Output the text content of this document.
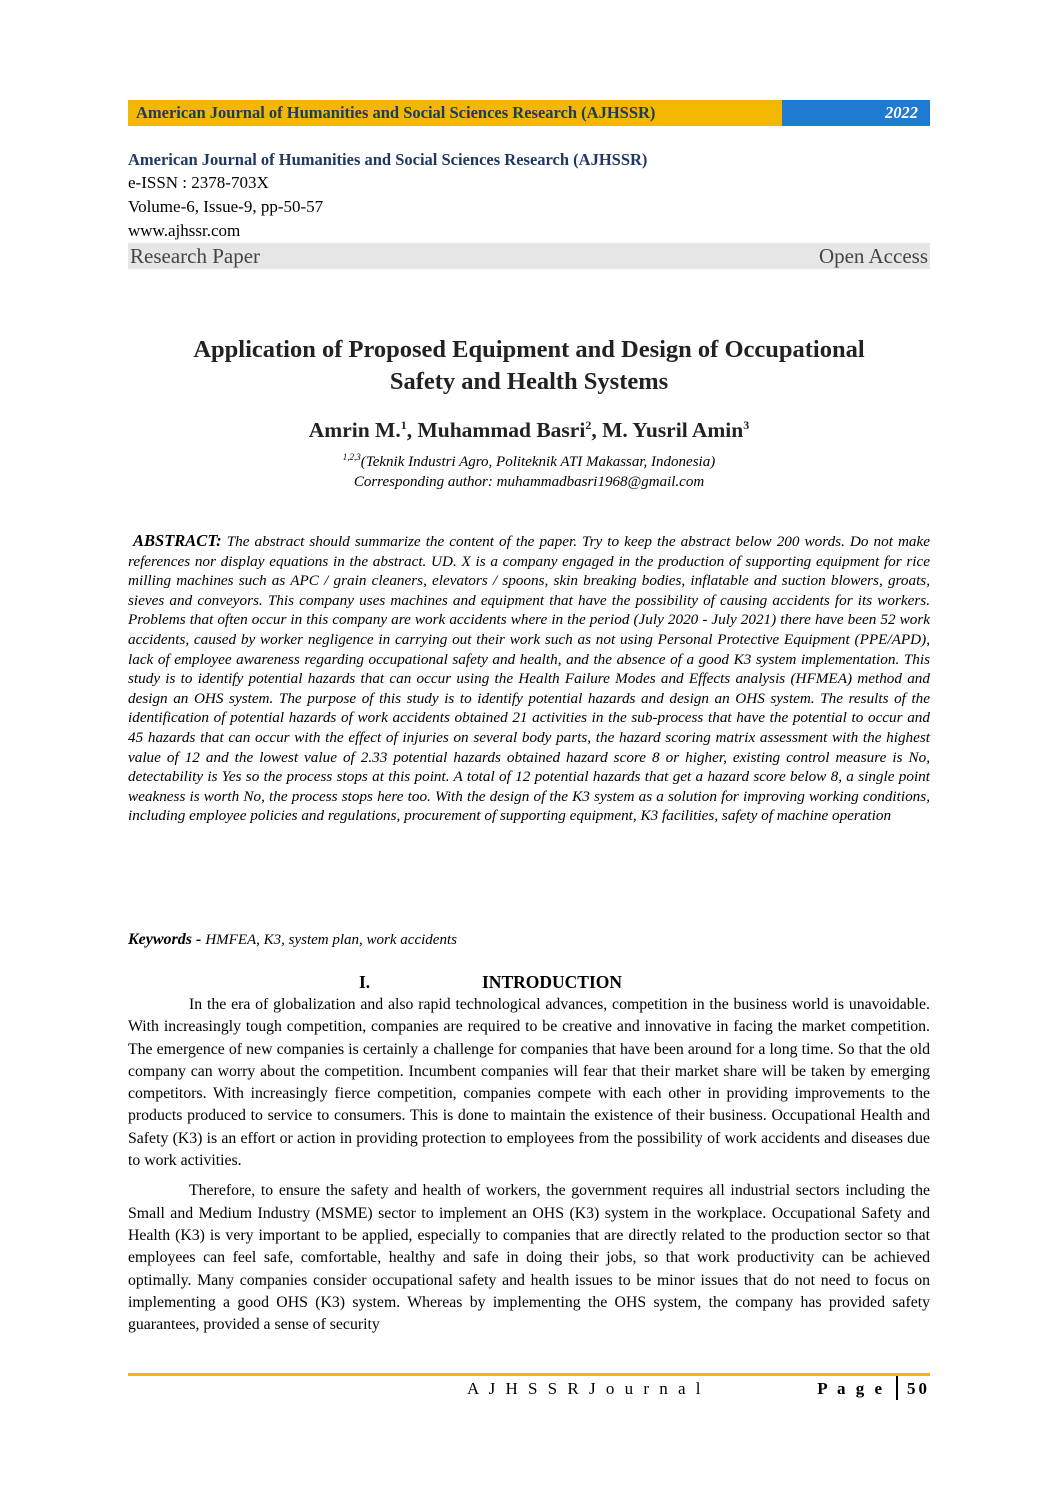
American Journal of Humanities and Social Sciences Research (AJHSSR)	2022
American Journal of Humanities and Social Sciences Research (AJHSSR)
e-ISSN : 2378-703X
Volume-6, Issue-9, pp-50-57
www.ajhssr.com
Research Paper	Open Access
Application of Proposed Equipment and Design of Occupational
Safety and Health Systems
Amrin M.$^1$, Muhammad Basri$^2$, M. Yusril Amin$^3$
$^{1,2,3}$(Teknik Industri Agro, Politeknik ATI Makassar, Indonesia)
Corresponding author: muhammadbasri1968@gmail.com
ABSTRACT: The abstract should summarize the content of the paper. Try to keep the abstract below 200 words. Do not make references nor display equations in the abstract. UD. X is a company engaged in the production of supporting equipment for rice milling machines such as APC / grain cleaners, elevators / spoons, skin breaking bodies, inflatable and suction blowers, groats, sieves and conveyors. This company uses machines and equipment that have the possibility of causing accidents for its workers. Problems that often occur in this company are work accidents where in the period (July 2020 - July 2021) there have been 52 work accidents, caused by worker negligence in carrying out their work such as not using Personal Protective Equipment (PPE/APD), lack of employee awareness regarding occupational safety and health, and the absence of a good K3 system implementation. This study is to identify potential hazards that can occur using the Health Failure Modes and Effects analysis (HFMEA) method and design an OHS system. The purpose of this study is to identify potential hazards and design an OHS system. The results of the identification of potential hazards of work accidents obtained 21 activities in the sub-process that have the potential to occur and 45 hazards that can occur with the effect of injuries on several body parts, the hazard scoring matrix assessment with the highest value of 12 and the lowest value of 2.33 potential hazards obtained hazard score 8 or higher, existing control measure is No, detectability is Yes so the process stops at this point. A total of 12 potential hazards that get a hazard score below 8, a single point weakness is worth No, the process stops here too. With the design of the K3 system as a solution for improving working conditions, including employee policies and regulations, procurement of supporting equipment, K3 facilities, safety of machine operation
Keywords - HMFEA, K3, system plan, work accidents
I.	INTRODUCTION

In the era of globalization and also rapid technological advances, competition in the business world is unavoidable. With increasingly tough competition, companies are required to be creative and innovative in facing the market competition. The emergence of new companies is certainly a challenge for companies that have been around for a long time. So that the old company can worry about the competition. Incumbent companies will fear that their market share will be taken by emerging competitors. With increasingly fierce competition, companies compete with each other in providing improvements to the products produced to service to consumers. This is done to maintain the existence of their business. Occupational Health and Safety (K3) is an effort or action in providing protection to employees from the possibility of work accidents and diseases due to work activities.

Therefore, to ensure the safety and health of workers, the government requires all industrial sectors including the Small and Medium Industry (MSME) sector to implement an OHS (K3) system in the workplace. Occupational Safety and Health (K3) is very important to be applied, especially to companies that are directly related to the production sector so that employees can feel safe, comfortable, healthy and safe in doing their jobs, so that work productivity can be achieved optimally. Many companies consider occupational safety and health issues to be minor issues that do not need to focus on implementing a good OHS (K3) system. Whereas by implementing the OHS system, the company has provided safety guarantees, provided a sense of security

A J H S S R J o u r n a l	P a g e 50
